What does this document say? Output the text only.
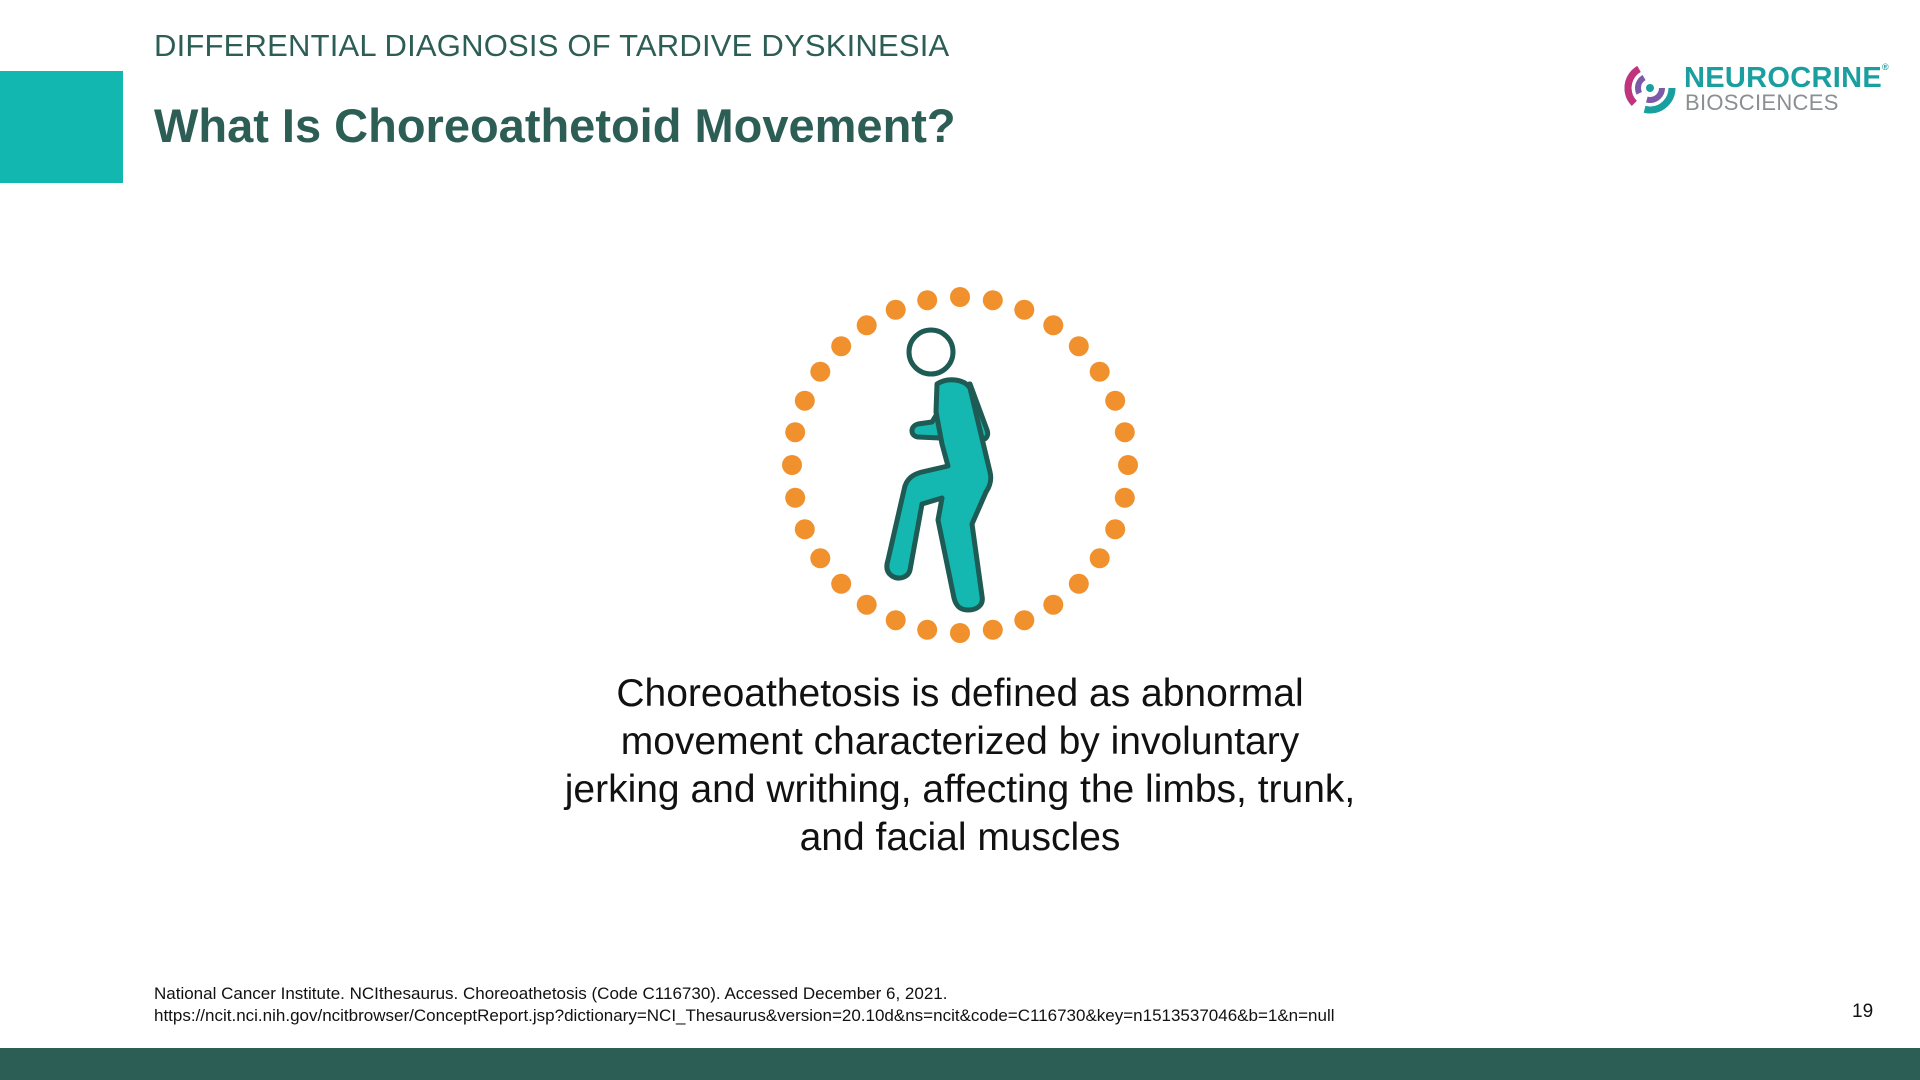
DIFFERENTIAL DIAGNOSIS OF TARDIVE DYSKINESIA
What Is Choreoathetoid Movement?
NEUROCRINE®
BIOSCIENCES
Choreoathetosis is defined as abnormal movement characterized by involuntary jerking and writhing, affecting the limbs, trunk, and facial muscles
National Cancer Institute. NCIthesaurus. Choreoathetosis (Code C116730). Accessed December 6, 2021.
https://ncit.nci.nih.gov/ncitbrowser/ConceptReport.jsp?dictionary=NCI_Thesaurus&version=20.10d&ns=ncit&code=C116730&key=n1513537046&b=1&n=null	19
